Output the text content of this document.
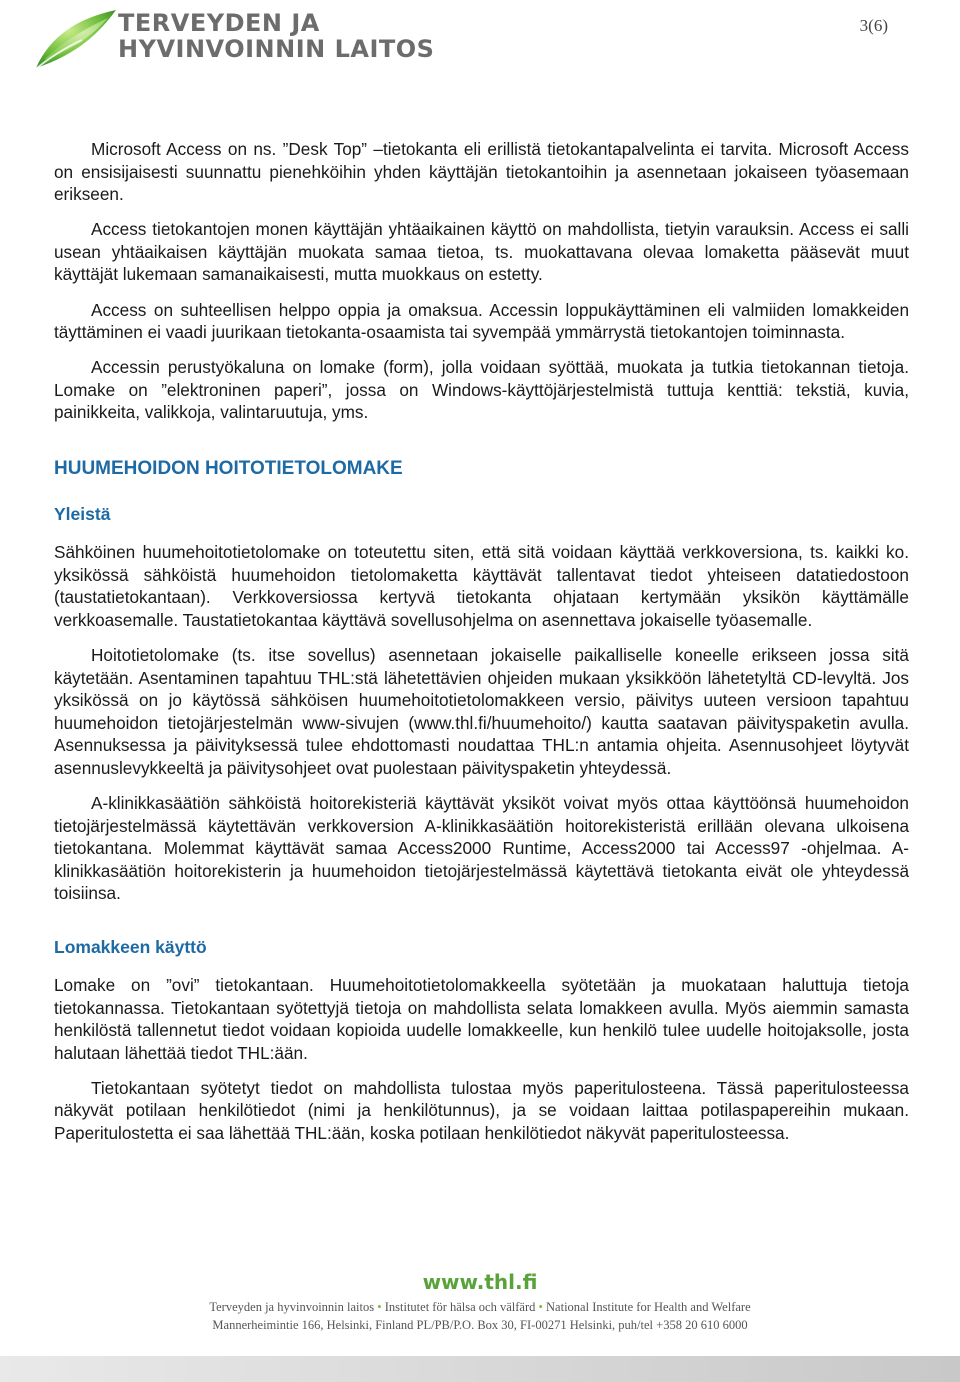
TERVEYDEN JA
HYVINVOINNIN LAITOS
3(6)

Microsoft Access on ns. ”Desk Top” –tietokanta eli erillistä tietokantapalvelinta ei tarvita. Microsoft Access on ensisijaisesti suunnattu pienehköihin yhden käyttäjän tietokantoihin ja asennetaan jokaiseen työasemaan erikseen.

Access tietokantojen monen käyttäjän yhtäaikainen käyttö on mahdollista, tietyin varauksin. Access ei salli usean yhtäaikaisen käyttäjän muokata samaa tietoa, ts. muokattavana olevaa lomaketta pääsevät muut käyttäjät lukemaan samanaikaisesti, mutta muokkaus on estetty.

Access on suhteellisen helppo oppia ja omaksua. Accessin loppukäyttäminen eli valmiiden lomakkeiden täyttäminen ei vaadi juurikaan tietokanta-osaamista tai syvempää ymmärrystä tietokantojen toiminnasta.

Accessin perustyökaluna on lomake (form), jolla voidaan syöttää, muokata ja tutkia tietokannan tietoja. Lomake on ”elektroninen paperi”, jossa on Windows-käyttöjärjestelmistä tuttuja kenttiä: tekstiä, kuvia, painikkeita, valikkoja, valintaruutuja, yms.

HUUMEHOIDON HOITOTIETOLOMAKE
Yleistä

Sähköinen huumehoitotietolomake on toteutettu siten, että sitä voidaan käyttää verkkoversiona, ts. kaikki ko. yksikössä sähköistä huumehoidon tietolomaketta käyttävät tallentavat tiedot yhteiseen datatiedostoon (taustatietokantaan). Verkkoversiossa kertyvä tietokanta ohjataan kertymään yksikön käyttämälle verkkoasemalle. Taustatietokantaa käyttävä sovellusohjelma on asennettava jokaiselle työasemalle.

Hoitotietolomake (ts. itse sovellus) asennetaan jokaiselle paikalliselle koneelle erikseen jossa sitä käytetään. Asentaminen tapahtuu THL:stä lähetettävien ohjeiden mukaan yksikköön lähetetyltä CD-levyltä. Jos yksikössä on jo käytössä sähköisen huumehoitotietolomakkeen versio, päivitys uuteen versioon tapahtuu huumehoidon tietojärjestelmän www-sivujen (www.thl.fi/huumehoito/) kautta saatavan päivityspaketin avulla. Asennuksessa ja päivityksessä tulee ehdottomasti noudattaa THL:n antamia ohjeita. Asennusohjeet löytyvät asennuslevykkeeltä ja päivitysohjeet ovat puolestaan päivityspaketin yhteydessä.

A-klinikkasäätiön sähköistä hoitorekisteriä käyttävät yksiköt voivat myös ottaa käyttöönsä huumehoidon tietojärjestelmässä käytettävän verkkoversion A-klinikkasäätiön hoitorekisteristä erillään olevana ulkoisena tietokantana. Molemmat käyttävät samaa Access2000 Runtime, Access2000 tai Access97 -ohjelmaa. A-klinikkasäätiön hoitorekisterin ja huumehoidon tietojärjestelmässä käytettävä tietokanta eivät ole yhteydessä toisiinsa.

Lomakkeen käyttö

Lomake on ”ovi” tietokantaan. Huumehoitotietolomakkeella syötetään ja muokataan haluttuja tietoja tietokannassa. Tietokantaan syötettyjä tietoja on mahdollista selata lomakkeen avulla. Myös aiemmin samasta henkilöstä tallennetut tiedot voidaan kopioida uudelle lomakkeelle, kun henkilö tulee uudelle hoitojaksolle, josta halutaan lähettää tiedot THL:ään.

Tietokantaan syötetyt tiedot on mahdollista tulostaa myös paperitulosteena. Tässä paperitulosteessa näkyvät potilaan henkilötiedot (nimi ja henkilötunnus), ja se voidaan laittaa potilaspapereihin mukaan. Paperitulostetta ei saa lähettää THL:ään, koska potilaan henkilötiedot näkyvät paperitulosteessa.

www.thl.fi
Terveyden ja hyvinvoinnin laitos • Institutet för hälsa och välfärd • National Institute for Health and Welfare
Mannerheimintie 166, Helsinki, Finland PL/PB/P.O. Box 30, FI-00271 Helsinki, puh/tel +358 20 610 6000
